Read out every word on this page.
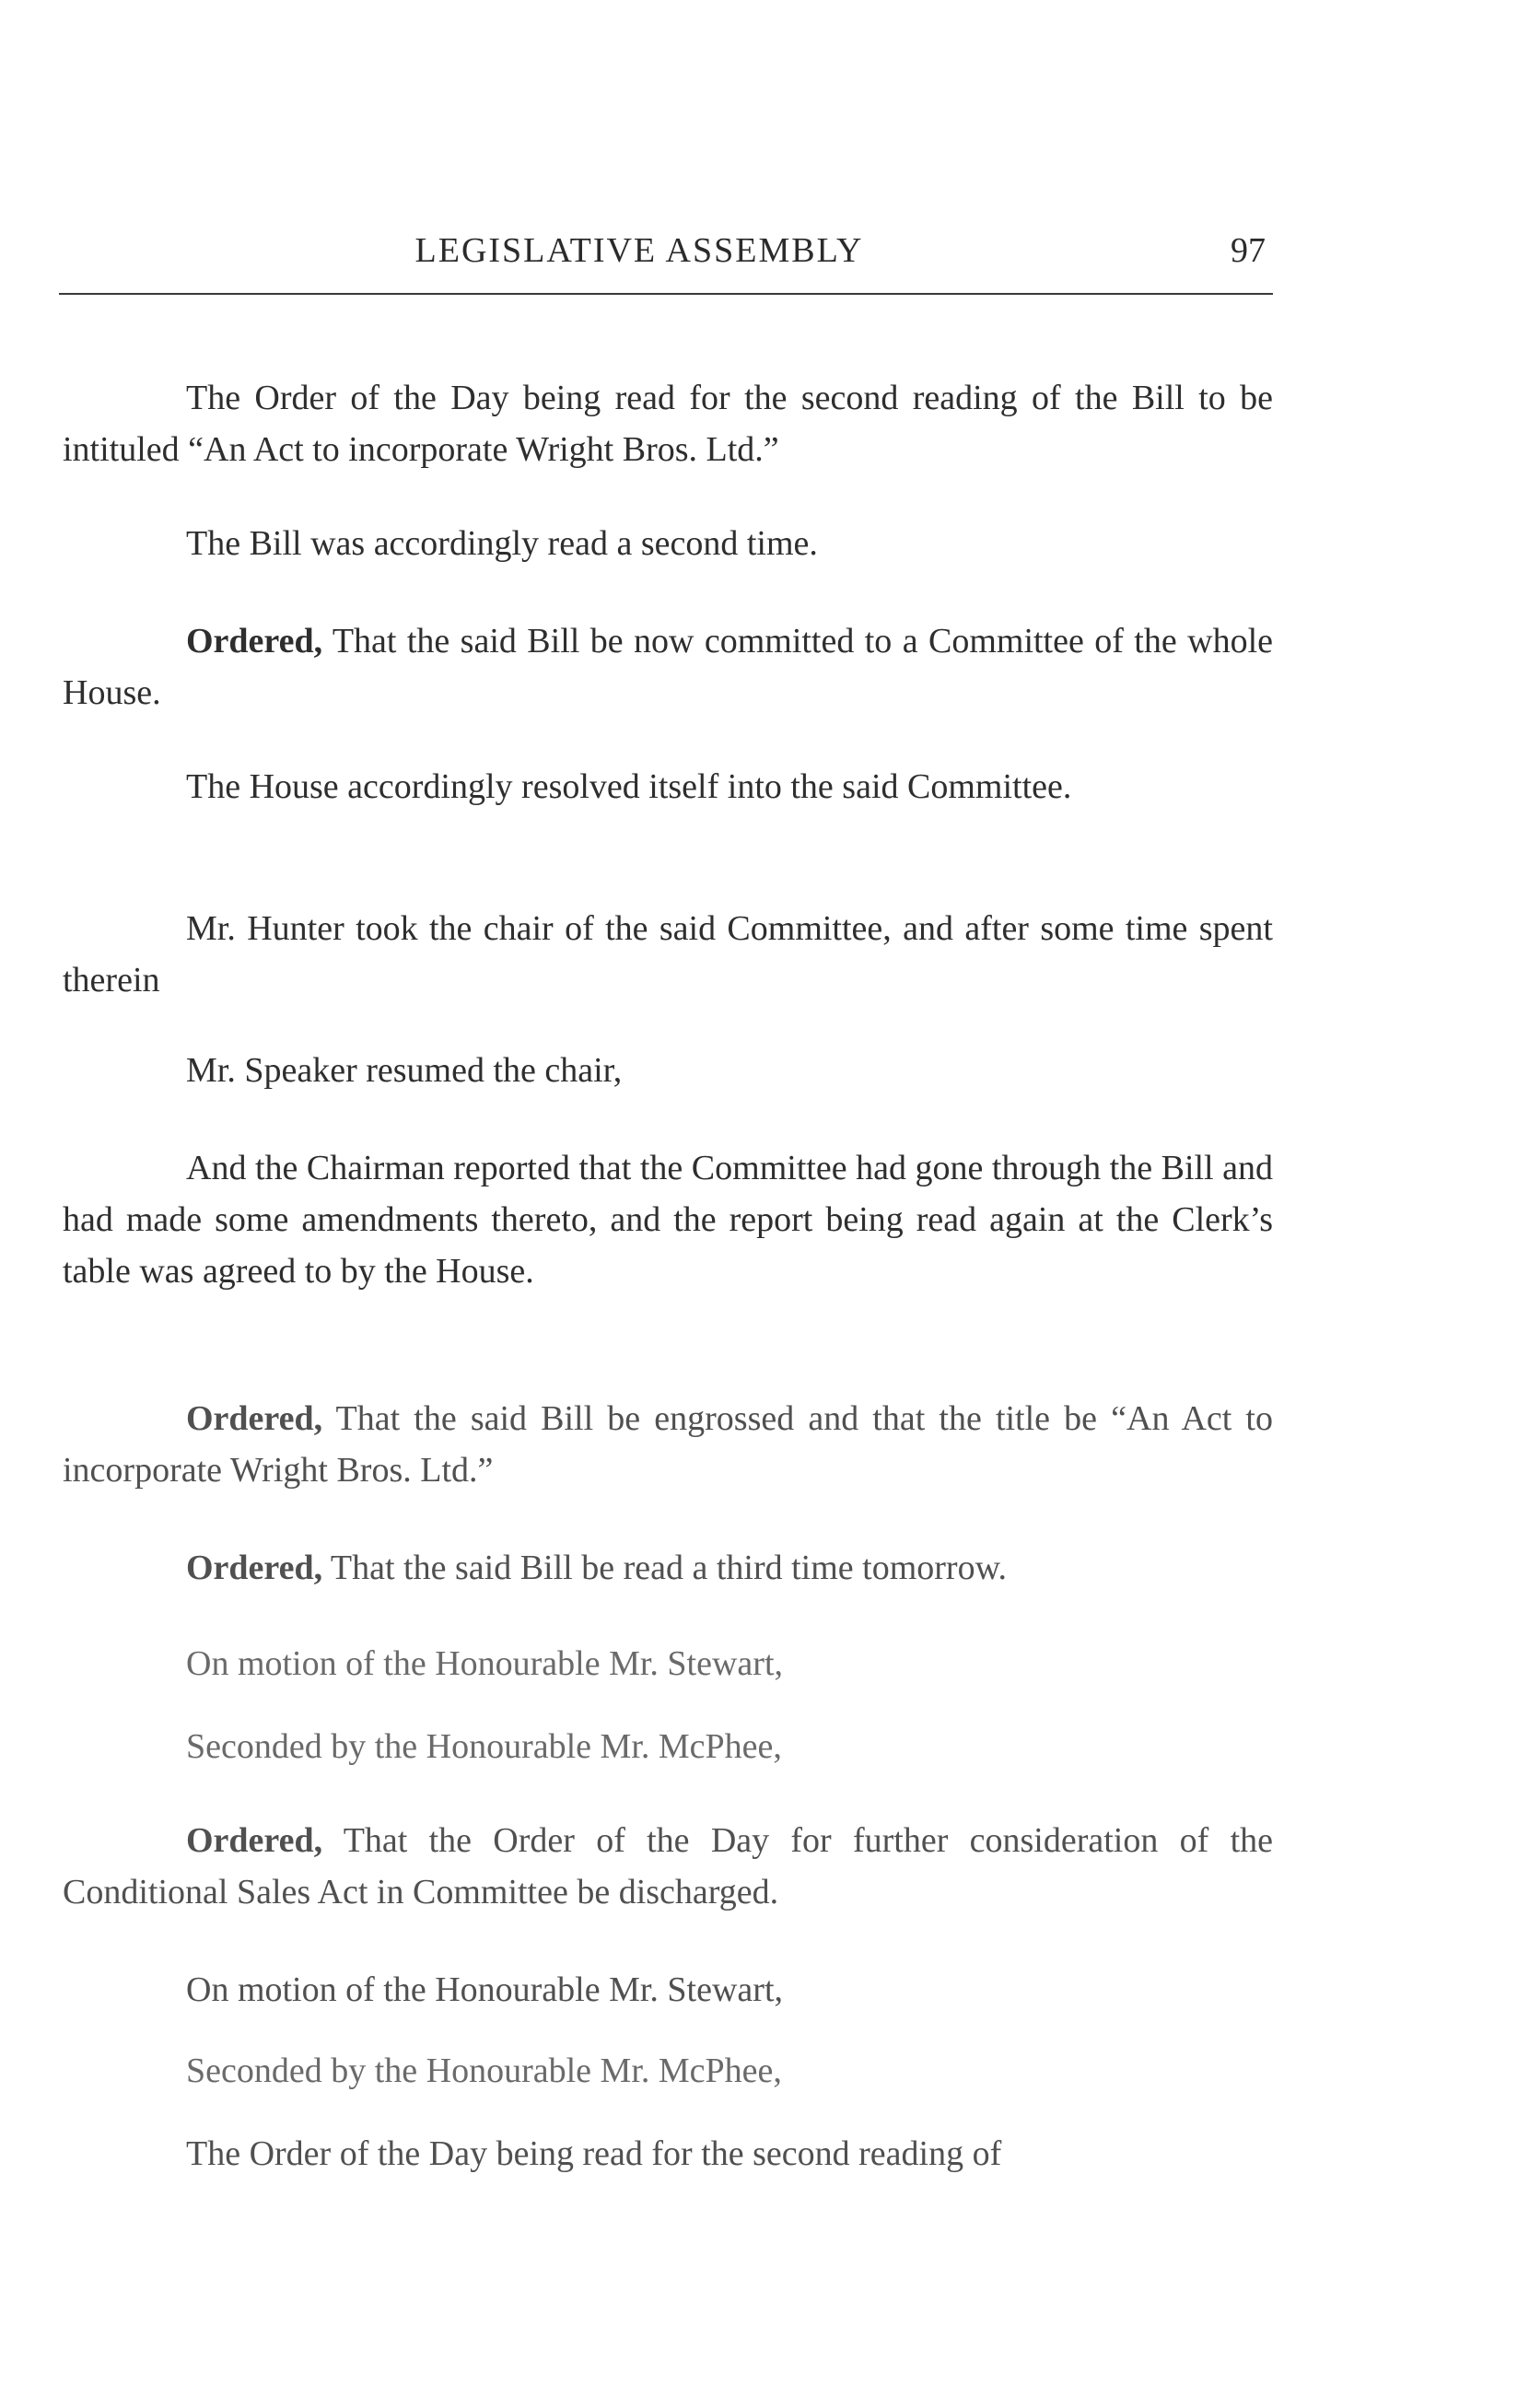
LEGISLATIVE ASSEMBLY	97

The Order of the Day being read for the second reading of the Bill to be intituled “An Act to incorporate Wright Bros. Ltd.”

The Bill was accordingly read a second time.

Ordered, That the said Bill be now committed to a Committee of the whole House.

The House accordingly resolved itself into the said Committee.

Mr. Hunter took the chair of the said Committee, and after some time spent therein

Mr. Speaker resumed the chair,

And the Chairman reported that the Committee had gone through the Bill and had made some amendments thereto, and the report being read again at the Clerk’s table was agreed to by the House.

Ordered, That the said Bill be engrossed and that the title be “An Act to incorporate Wright Bros. Ltd.”

Ordered, That the said Bill be read a third time tomorrow.

On motion of the Honourable Mr. Stewart,

Seconded by the Honourable Mr. McPhee,

Ordered, That the Order of the Day for further consideration of the Conditional Sales Act in Committee be discharged.

On motion of the Honourable Mr. Stewart,

Seconded by the Honourable Mr. McPhee,

The Order of the Day being read for the second reading of
